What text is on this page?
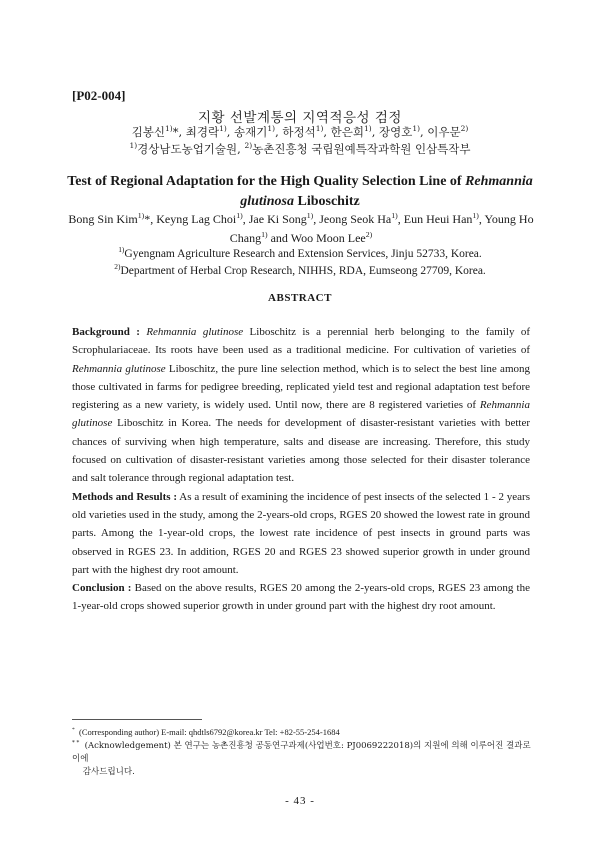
[P02-004]
지황 선발계통의 지역적응성 검정
김봉신$^{1)}$*, 최경락$^{1)}$, 송재기$^{1)}$, 하정석$^{1)}$, 한은희$^{1)}$, 장영호$^{1)}$, 이우문$^{2)}$
$^{1)}$경상남도농업기술원, $^{2)}$농촌진흥청 국립원예특작과학원 인삼특작부
Test of Regional Adaptation for the High Quality Selection Line of Rehmannia
glutinosa Liboschitz
Bong Sin Kim$^{1)}$*, Keyng Lag Choi$^{1)}$, Jae Ki Song$^{1)}$, Jeong Seok Ha$^{1)}$, Eun Heui Han$^{1)}$, Young Ho Chang$^{1)}$ and Woo Moon Lee$^{2)}$
$^{1)}$Gyengnam Agriculture Research and Extension Services, Jinju 52733, Korea.
$^{2)}$Department of Herbal Crop Research, NIHHS, RDA, Eumseong 27709, Korea.
ABSTRACT

Background : Rehmannia glutinose Liboschitz is a perennial herb belonging to the family of Scrophulariaceae. Its roots have been used as a traditional medicine. For cultivation of varieties of Rehmannia glutinose Liboschitz, the pure line selection method, which is to select the best line among those cultivated in farms for pedigree breeding, replicated yield test and regional adaptation test before registering as a new variety, is widely used. Until now, there are 8 registered varieties of Rehmannia glutinose Liboschitz in Korea. The needs for development of disaster-resistant varieties with better chances of surviving when high temperature, salts and disease are increasing. Therefore, this study focused on cultivation of disaster-resistant varieties among those selected for their disaster tolerance and salt tolerance through regional adaptation test.

Methods and Results : As a result of examining the incidence of pest insects of the selected 1 - 2 years old varieties used in the study, among the 2-years-old crops, RGES 20 showed the lowest rate in ground parts. Among the 1-year-old crops, the lowest rate incidence of pest insects in ground parts was observed in RGES 23. In addition, RGES 20 and RGES 23 showed superior growth in under ground part with the highest dry root amount.

Conclusion : Based on the above results, RGES 20 among the 2-years-old crops, RGES 23 among the 1-year-old crops showed superior growth in under ground part with the highest dry root amount.

*  (Corresponding author) E-mail: qhdtls6792@korea.kr Tel: +82-55-254-1684
* *  (Acknowledgement) 본 연구는 농촌진흥청 공동연구과제(사업번호: PJ0069222018)의 지원에 의해 이루어진 결과로 이에
감사드립니다.
- 43 -
